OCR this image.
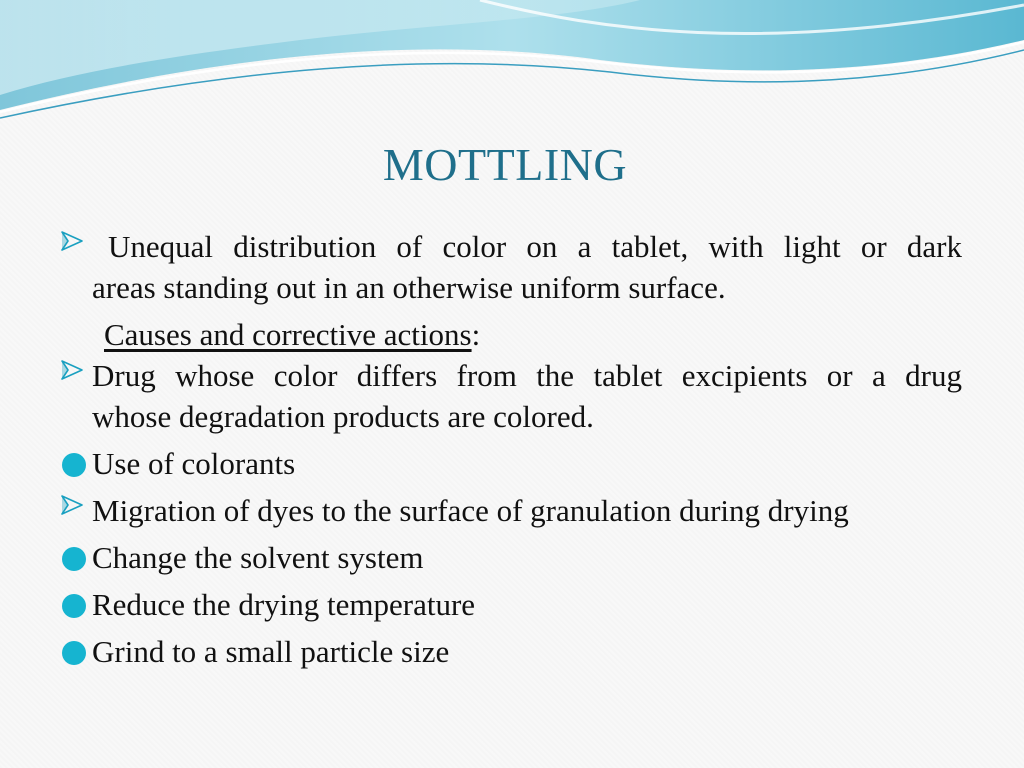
MOTTLING
Unequal distribution of color on a tablet, with light or dark
areas standing out in an otherwise uniform surface.
Causes and corrective actions:
Drug whose color differs from the tablet excipients or a drug
whose degradation products are colored.
Use of colorants
Migration of dyes to the surface of granulation during drying
Change the solvent system
Reduce the drying temperature
Grind to a small particle size
